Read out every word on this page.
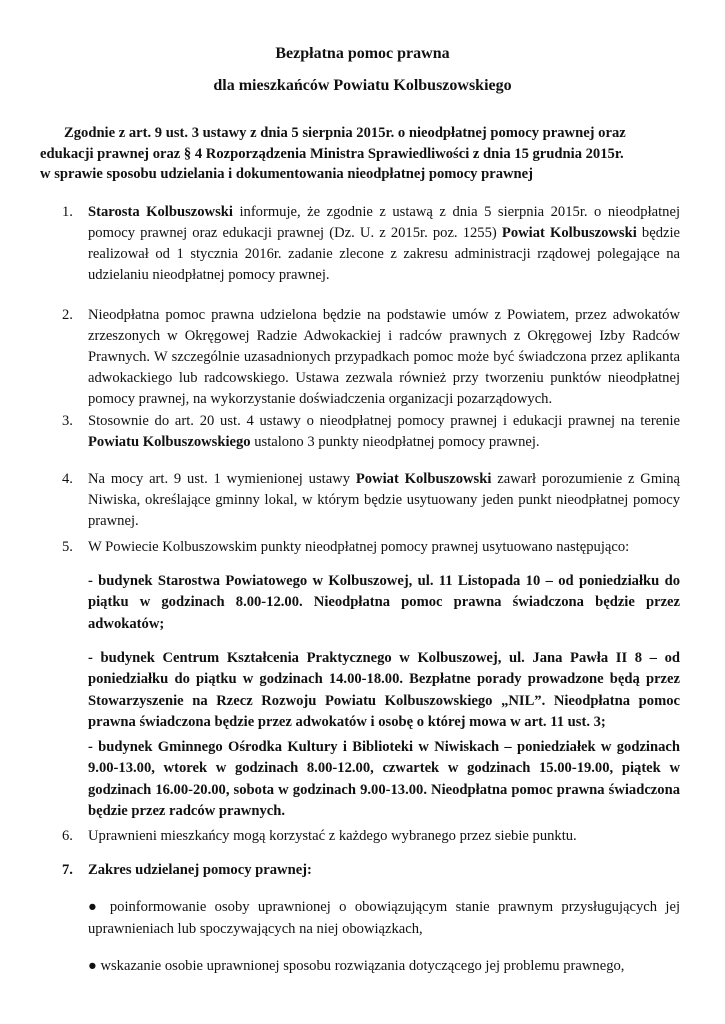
Bezpłatna pomoc prawna
dla mieszkańców Powiatu Kolbuszowskiego
Zgodnie z art. 9 ust. 3 ustawy z dnia 5 sierpnia 2015r. o nieodpłatnej pomocy prawnej oraz
edukacji prawnej oraz § 4 Rozporządzenia Ministra Sprawiedliwości z dnia 15 grudnia 2015r.
w sprawie sposobu udzielania i dokumentowania nieodpłatnej pomocy prawnej
1. Starosta Kolbuszowski informuje, że zgodnie z ustawą z dnia 5 sierpnia 2015r. o nieodpłatnej pomocy prawnej oraz edukacji prawnej (Dz. U. z 2015r. poz. 1255) Powiat Kolbuszowski będzie realizował od 1 stycznia 2016r. zadanie zlecone z zakresu administracji rządowej polegające na udzielaniu nieodpłatnej pomocy prawnej.
2. Nieodpłatna pomoc prawna udzielona będzie na podstawie umów z Powiatem, przez adwokatów zrzeszonych w Okręgowej Radzie Adwokackiej i radców prawnych z Okręgowej Izby Radców Prawnych. W szczególnie uzasadnionych przypadkach pomoc może być świadczona przez aplikanta adwokackiego lub radcowskiego. Ustawa zezwala również przy tworzeniu punktów nieodpłatnej pomocy prawnej, na wykorzystanie doświadczenia organizacji pozarządowych.
3. Stosownie do art. 20 ust. 4 ustawy o nieodpłatnej pomocy prawnej i edukacji prawnej na terenie Powiatu Kolbuszowskiego ustalono 3 punkty nieodpłatnej pomocy prawnej.
4. Na mocy art. 9 ust. 1 wymienionej ustawy Powiat Kolbuszowski zawarł porozumienie z Gminą Niwiska, określające gminny lokal, w którym będzie usytuowany jeden punkt nieodpłatnej pomocy prawnej.
5. W Powiecie Kolbuszowskim punkty nieodpłatnej pomocy prawnej usytuowano następująco:
- budynek Starostwa Powiatowego w Kolbuszowej, ul. 11 Listopada 10 – od poniedziałku do piątku w godzinach 8.00-12.00. Nieodpłatna pomoc prawna świadczona będzie przez adwokatów;
- budynek Centrum Kształcenia Praktycznego w Kolbuszowej, ul. Jana Pawła II 8 – od poniedziałku do piątku w godzinach 14.00-18.00. Bezpłatne porady prowadzone będą przez Stowarzyszenie na Rzecz Rozwoju Powiatu Kolbuszowskiego „NIL”. Nieodpłatna pomoc prawna świadczona będzie przez adwokatów i osobę o której mowa w art. 11 ust. 3;
- budynek Gminnego Ośrodka Kultury i Biblioteki w Niwiskach – poniedziałek w godzinach 9.00-13.00, wtorek w godzinach 8.00-12.00, czwartek w godzinach 15.00-19.00, piątek w godzinach 16.00-20.00, sobota w godzinach 9.00-13.00. Nieodpłatna pomoc prawna świadczona będzie przez radców prawnych.
6. Uprawnieni mieszkańcy mogą korzystać z każdego wybranego przez siebie punktu.
7. Zakres udzielanej pomocy prawnej:
● poinformowanie osoby uprawnionej o obowiązującym stanie prawnym przysługujących jej uprawnieniach lub spoczywających na niej obowiązkach,
● wskazanie osobie uprawnionej sposobu rozwiązania dotyczącego jej problemu prawnego,
